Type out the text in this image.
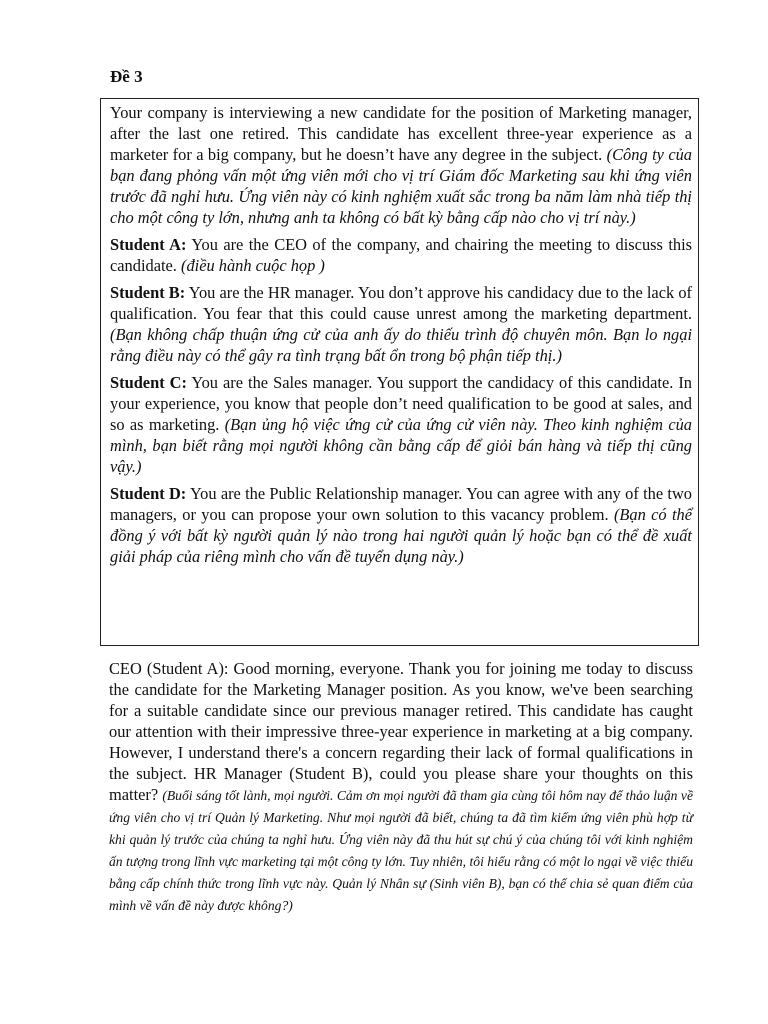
Đề 3

Your company is interviewing a new candidate for the position of Marketing manager, after the last one retired. This candidate has excellent three-year experience as a marketer for a big company, but he doesn’t have any degree in the subject. (Công ty của bạn đang phỏng vấn một ứng viên mới cho vị trí Giám đốc Marketing sau khi ứng viên trước đã nghỉ hưu. Ứng viên này có kinh nghiệm xuất sắc trong ba năm làm nhà tiếp thị cho một công ty lớn, nhưng anh ta không có bất kỳ bằng cấp nào cho vị trí này.)

Student A: You are the CEO of the company, and chairing the meeting to discuss this candidate. (điều hành cuộc họp )

Student B: You are the HR manager. You don’t approve his candidacy due to the lack of qualification. You fear that this could cause unrest among the marketing department. (Bạn không chấp thuận ứng cử của anh ấy do thiếu trình độ chuyên môn. Bạn lo ngại rằng điều này có thể gây ra tình trạng bất ổn trong bộ phận tiếp thị.)

Student C: You are the Sales manager. You support the candidacy of this candidate. In your experience, you know that people don’t need qualification to be good at sales, and so as marketing. (Bạn ủng hộ việc ứng cử của ứng cử viên này. Theo kinh nghiệm của mình, bạn biết rằng mọi người không cần bằng cấp để giỏi bán hàng và tiếp thị cũng vậy.)

Student D: You are the Public Relationship manager. You can agree with any of the two managers, or you can propose your own solution to this vacancy problem. (Bạn có thể đồng ý với bất kỳ người quản lý nào trong hai người quản lý hoặc bạn có thể đề xuất giải pháp của riêng mình cho vấn đề tuyển dụng này.)

CEO (Student A): Good morning, everyone. Thank you for joining me today to discuss the candidate for the Marketing Manager position. As you know, we've been searching for a suitable candidate since our previous manager retired. This candidate has caught our attention with their impressive three-year experience in marketing at a big company. However, I understand there's a concern regarding their lack of formal qualifications in the subject. HR Manager (Student B), could you please share your thoughts on this matter? (Buổi sáng tốt lành, mọi người. Cảm ơn mọi người đã tham gia cùng tôi hôm nay để thảo luận về ứng viên cho vị trí Quản lý Marketing. Như mọi người đã biết, chúng ta đã tìm kiếm ứng viên phù hợp từ khi quản lý trước của chúng ta nghỉ hưu. Ứng viên này đã thu hút sự chú ý của chúng tôi với kinh nghiệm ấn tượng trong lĩnh vực marketing tại một công ty lớn. Tuy nhiên, tôi hiểu rằng có một lo ngại về việc thiếu bằng cấp chính thức trong lĩnh vực này. Quản lý Nhân sự (Sinh viên B), bạn có thể chia sẻ quan điểm của mình về vấn đề này được không?)
